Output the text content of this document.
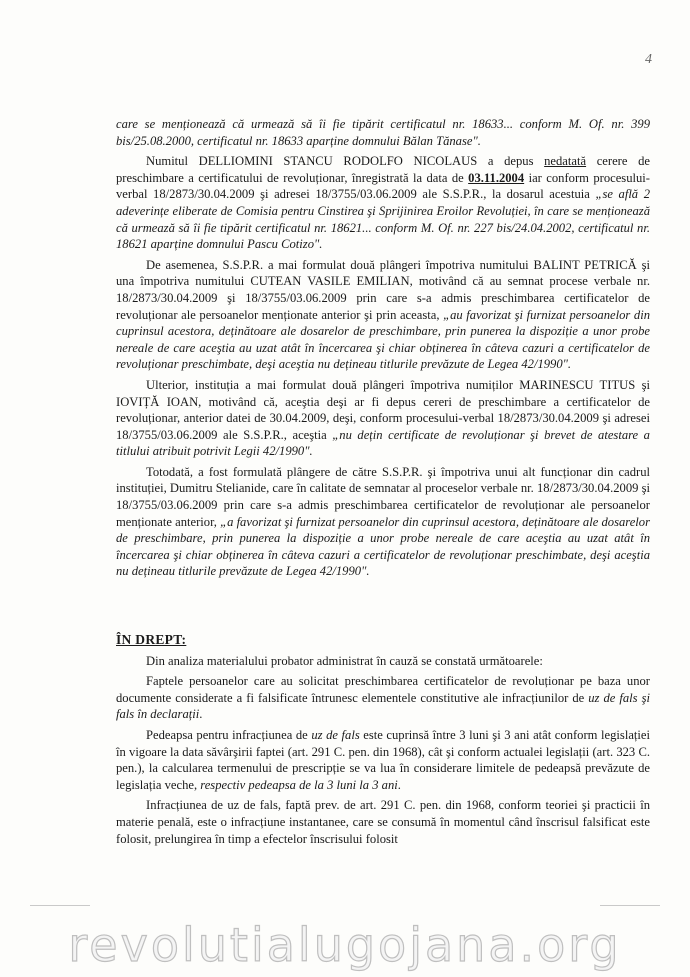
4

care se menționează că urmează să îi fie tipărit certificatul nr. 18633... conform M. Of. nr. 399 bis/25.08.2000, certificatul nr. 18633 aparține domnului Bălan Tănase".

Numitul DELLIOMINI STANCU RODOLFO NICOLAUS a depus nedatată cerere de preschimbare a certificatului de revoluționar, înregistrată la data de 03.11.2004 iar conform procesului-verbal 18/2873/30.04.2009 şi adresei 18/3755/03.06.2009 ale S.S.P.R., la dosarul acestuia „se află 2 adeverințe eliberate de Comisia pentru Cinstirea şi Sprijinirea Eroilor Revoluției, în care se menționează că urmează să îi fie tipărit certificatul nr. 18621... conform M. Of. nr. 227 bis/24.04.2002, certificatul nr. 18621 aparține domnului Pascu Cotizo".

De asemenea, S.S.P.R. a mai formulat două plângeri împotriva numitului BALINT PETRICĂ şi una împotriva numitului CUTEAN VASILE EMILIAN, motivând că au semnat procese verbale nr. 18/2873/30.04.2009 şi 18/3755/03.06.2009 prin care s-a admis preschimbarea certificatelor de revoluționar ale persoanelor menționate anterior şi prin aceasta, „au favorizat şi furnizat persoanelor din cuprinsul acestora, deținătoare ale dosarelor de preschimbare, prin punerea la dispoziție a unor probe nereale de care aceştia au uzat atât în încercarea şi chiar obținerea în câteva cazuri a certificatelor de revoluționar preschimbate, deşi aceştia nu dețineau titlurile prevăzute de Legea 42/1990".

Ulterior, instituția a mai formulat două plângeri împotriva numiților MARINESCU TITUS şi IOVIȚĂ IOAN, motivând că, aceştia deşi ar fi depus cereri de preschimbare a certificatelor de revoluționar, anterior datei de 30.04.2009, deşi, conform procesului-verbal 18/2873/30.04.2009 şi adresei 18/3755/03.06.2009 ale S.S.P.R., aceştia „nu dețin certificate de revoluționar şi brevet de atestare a titlului atribuit potrivit Legii 42/1990".

Totodată, a fost formulată plângere de către S.S.P.R. şi împotriva unui alt funcționar din cadrul instituției, Dumitru Stelianide, care în calitate de semnatar al proceselor verbale nr. 18/2873/30.04.2009 şi 18/3755/03.06.2009 prin care s-a admis preschimbarea certificatelor de revoluționar ale persoanelor menționate anterior, „a favorizat şi furnizat persoanelor din cuprinsul acestora, deținătoare ale dosarelor de preschimbare, prin punerea la dispoziție a unor probe nereale de care aceştia au uzat atât în încercarea şi chiar obținerea în câteva cazuri a certificatelor de revoluționar preschimbate, deşi aceştia nu dețineau titlurile prevăzute de Legea 42/1990".

ÎN DREPT:

Din analiza materialului probator administrat în cauză se constată următoarele:

Faptele persoanelor care au solicitat preschimbarea certificatelor de revoluționar pe baza unor documente considerate a fi falsificate întrunesc elementele constitutive ale infracțiunilor de uz de fals şi fals în declarații.

Pedeapsa pentru infracțiunea de uz de fals este cuprinsă între 3 luni şi 3 ani atât conform legislației în vigoare la data săvârşirii faptei (art. 291 C. pen. din 1968), cât şi conform actualei legislații (art. 323 C. pen.), la calcularea termenului de prescripție se va lua în considerare limitele de pedeapsă prevăzute de legislația veche, respectiv pedeapsa de la 3 luni la 3 ani.

Infracțiunea de uz de fals, faptă prev. de art. 291 C. pen. din 1968, conform teoriei şi practicii în materie penală, este o infracțiune instantanee, care se consumă în momentul când înscrisul falsificat este folosit, prelungirea în timp a efectelor înscrisului folosit

revolutialugojana.org
